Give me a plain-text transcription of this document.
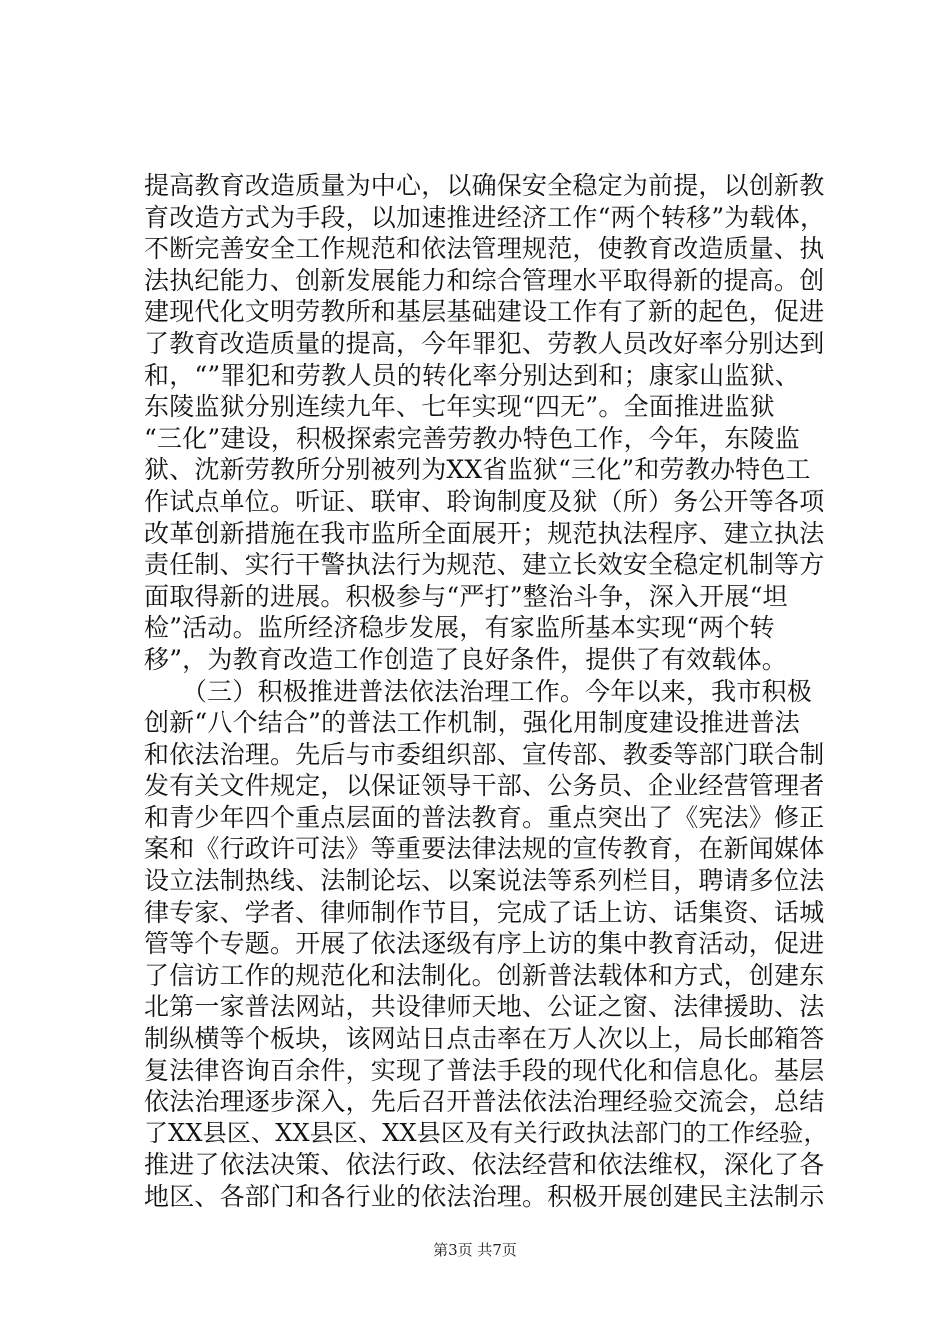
提高教育改造质量为中心，以确保安全稳定为前提，以创新教
育改造方式为手段，以加速推进经济工作“两个转移”为载体，
不断完善安全工作规范和依法管理规范，使教育改造质量、执
法执纪能力、创新发展能力和综合管理水平取得新的提高。创
建现代化文明劳教所和基层基础建设工作有了新的起色，促进
了教育改造质量的提高，今年罪犯、劳教人员改好率分别达到
和，“”罪犯和劳教人员的转化率分别达到和；康家山监狱、
东陵监狱分别连续九年、七年实现“四无”。全面推进监狱
“三化”建设，积极探索完善劳教办特色工作，今年，东陵监
狱、沈新劳教所分别被列为XX省监狱“三化”和劳教办特色工
作试点单位。听证、联审、聆询制度及狱（所）务公开等各项
改革创新措施在我市监所全面展开；规范执法程序、建立执法
责任制、实行干警执法行为规范、建立长效安全稳定机制等方
面取得新的进展。积极参与“严打”整治斗争，深入开展“坦
检”活动。监所经济稳步发展，有家监所基本实现“两个转
移”，为教育改造工作创造了良好条件，提供了有效载体。
　　（三）积极推进普法依法治理工作。今年以来，我市积极
创新“八个结合”的普法工作机制，强化用制度建设推进普法
和依法治理。先后与市委组织部、宣传部、教委等部门联合制
发有关文件规定，以保证领导干部、公务员、企业经营管理者
和青少年四个重点层面的普法教育。重点突出了《宪法》修正
案和《行政许可法》等重要法律法规的宣传教育，在新闻媒体
设立法制热线、法制论坛、以案说法等系列栏目，聘请多位法
律专家、学者、律师制作节目，完成了话上访、话集资、话城
管等个专题。开展了依法逐级有序上访的集中教育活动，促进
了信访工作的规范化和法制化。创新普法载体和方式，创建东
北第一家普法网站，共设律师天地、公证之窗、法律援助、法
制纵横等个板块，该网站日点击率在万人次以上，局长邮箱答
复法律咨询百余件，实现了普法手段的现代化和信息化。基层
依法治理逐步深入，先后召开普法依法治理经验交流会，总结
了XX县区、XX县区、XX县区及有关行政执法部门的工作经验，
推进了依法决策、依法行政、依法经营和依法维权，深化了各
地区、各部门和各行业的依法治理。积极开展创建民主法制示
第3页 共7页
